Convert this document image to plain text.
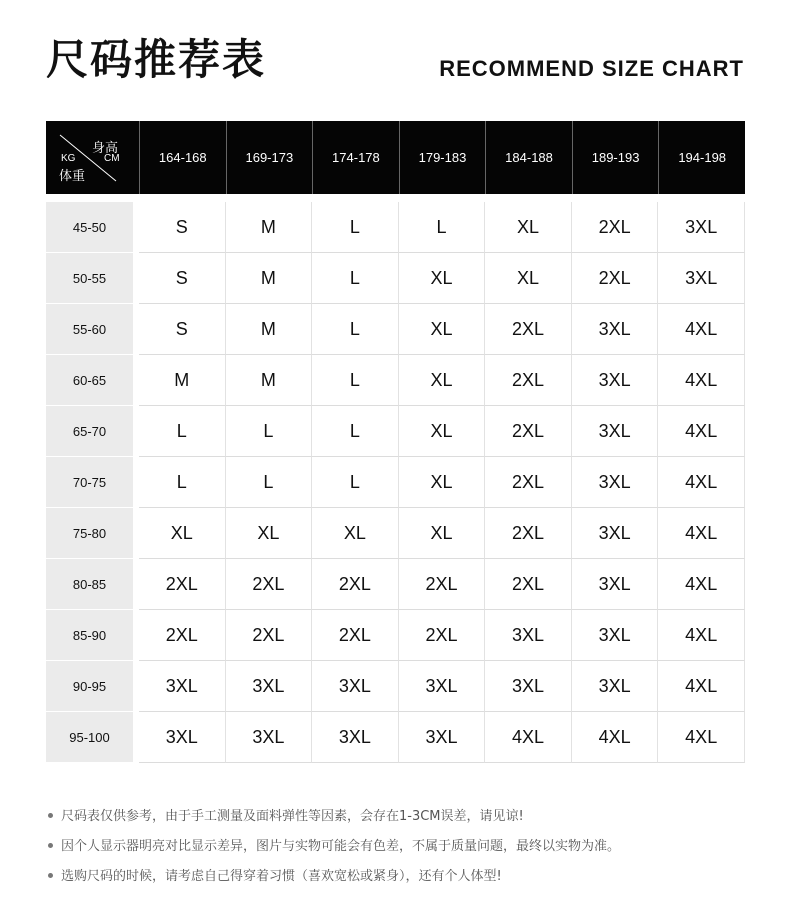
尺码推荐表	RECOMMEND SIZE CHART
身高
CM
KG
体重	164-168	169-173	174-178	179-183	184-188	189-193	194-198

45-50	S	M	L	L	XL	2XL	3XL
50-55	S	M	L	XL	XL	2XL	3XL
55-60	S	M	L	XL	2XL	3XL	4XL
60-65	M	M	L	XL	2XL	3XL	4XL
65-70	L	L	L	XL	2XL	3XL	4XL
70-75	L	L	L	XL	2XL	3XL	4XL
75-80	XL	XL	XL	XL	2XL	3XL	4XL
80-85	2XL	2XL	2XL	2XL	2XL	3XL	4XL
85-90	2XL	2XL	2XL	2XL	3XL	3XL	4XL
90-95	3XL	3XL	3XL	3XL	3XL	3XL	4XL
95-100	3XL	3XL	3XL	3XL	4XL	4XL	4XL
尺码表仅供参考，由于手工测量及面料弹性等因素，会存在1-3CM误差，请见谅!
因个人显示器明亮对比显示差异，图片与实物可能会有色差，不属于质量问题，最终以实物为准。
选购尺码的时候，请考虑自己得穿着习惯（喜欢宽松或紧身），还有个人体型!
